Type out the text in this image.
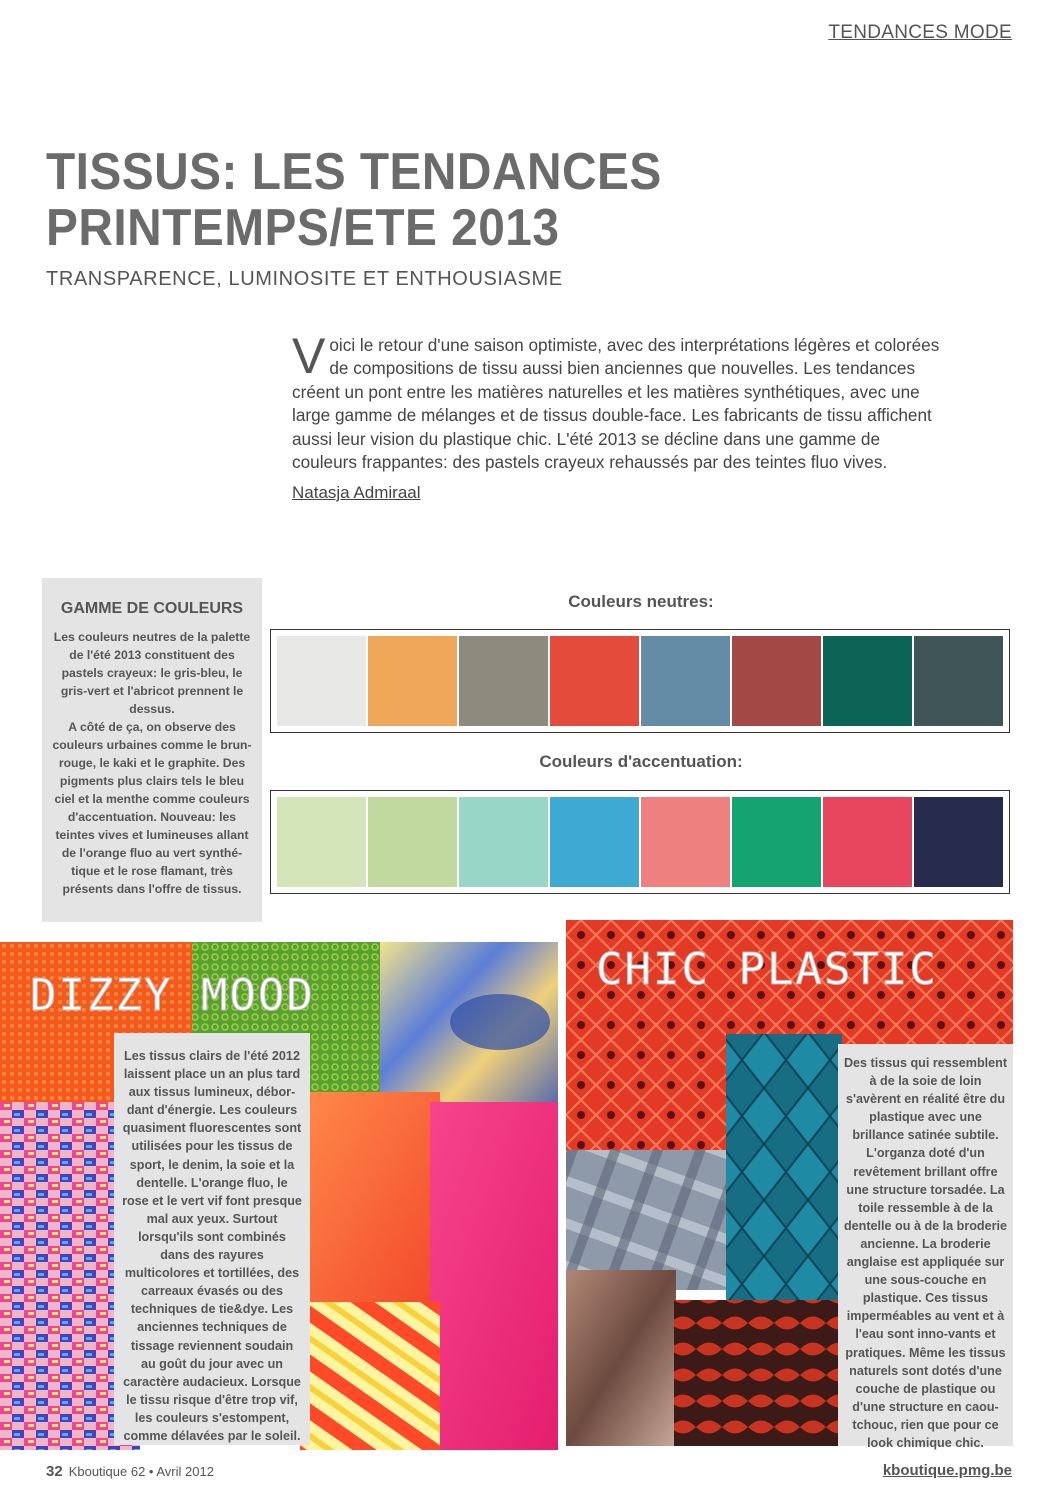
TENDANCES MODE
TISSUS: LES TENDANCES PRINTEMPS/ETE 2013
TRANSPARENCE, LUMINOSITE ET ENTHOUSIASME
V oici le retour d'une saison optimiste, avec des interprétations légères et colorées de compositions de tissu aussi bien anciennes que nouvelles. Les tendances créent un pont entre les matières naturelles et les matières synthétiques, avec une large gamme de mélanges et de tissus double-face. Les fabricants de tissu affichent aussi leur vision du plastique chic. L'été 2013 se décline dans une gamme de couleurs frappantes: des pastels crayeux rehaussés par des teintes fluo vives.
Natasja Admiraal
GAMME DE COULEURS
Les couleurs neutres de la palette de l'été 2013 constituent des pastels crayeux: le gris-bleu, le gris-vert et l'abricot prennent le dessus.
A côté de ça, on observe des couleurs urbaines comme le brun-rouge, le kaki et le graphite. Des pigments plus clairs tels le bleu ciel et la menthe comme couleurs d'accentuation. Nouveau: les teintes vives et lumineuses allant de l'orange fluo au vert synthé-tique et le rose flamant, très présents dans l'offre de tissus.
Couleurs neutres:
Couleurs d'accentuation:
DIZZY MOOD
Les tissus clairs de l'été 2012 laissent place un an plus tard aux tissus lumineux, débor-dant d'énergie. Les couleurs quasiment fluorescentes sont utilisées pour les tissus de sport, le denim, la soie et la dentelle. L'orange fluo, le rose et le vert vif font presque mal aux yeux. Surtout lorsqu'ils sont combinés dans des rayures multicolores et tortillées, des carreaux évasés ou des techniques de tie&dye. Les anciennes techniques de tissage reviennent soudain au goût du jour avec un caractère audacieux. Lorsque le tissu risque d'être trop vif, les couleurs s'estompent, comme délavées par le soleil.
CHIC PLASTIC
Des tissus qui ressemblent à de la soie de loin s'avèrent en réalité être du plastique avec une brillance satinée subtile. L'organza doté d'un revêtement brillant offre une structure torsadée. La toile ressemble à de la dentelle ou à de la broderie ancienne. La broderie anglaise est appliquée sur une sous-couche en plastique. Ces tissus imperméables au vent et à l'eau sont inno-vants et pratiques. Même les tissus naturels sont dotés d'une couche de plastique ou d'une structure en caou-tchouc, rien que pour ce look chimique chic.
32 Kboutique 62 • Avril 2012	kboutique.pmg.be
